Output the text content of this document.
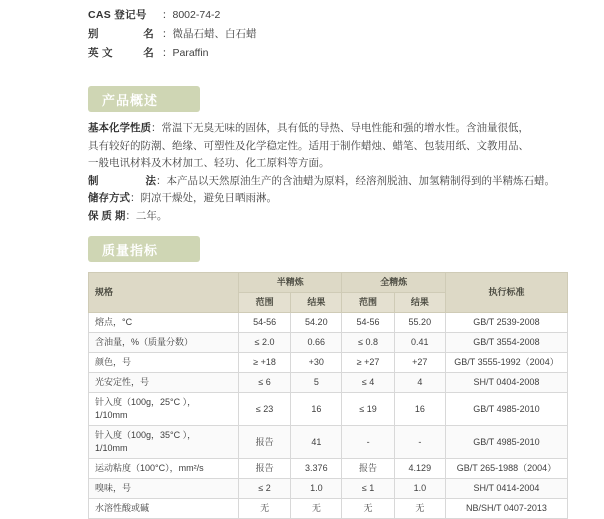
CAS 登记号	： 8002-74-2
别	名 ： 微晶石蜡、白石蜡
英 文	名 ： Paraffin
产品概述
基本化学性质 ： 常温下无臭无味的固体，具有低的导热、导电性能和强的增水性。含油量很低，
具有较好的防潮、绝缘、可塑性及化学稳定性。适用于制作蜡烛、蜡笔、包装用纸、文教用品、
一般电讯材料及木材加工、轻功、化工原料等方面。
制	法 ： 本产品以天然原油生产的含油蜡为原料，经溶剂脱油、加氢精制得到的半精炼石蜡。
储存方式 ： 阴凉干燥处，避免日晒雨淋。
保 质 期 ： 二年。
质量指标
规格	半精炼		全精炼		执行标准
	范围	结果	范围	结果	
熔点，°C	54-56	54.20	54-56	55.20	GB/T 2539-2008
含油量，%（质量分数）	≤ 2.0	0.66	≤ 0.8	0.41	GB/T 3554-2008
颜色，号	≥ +18	+30	≥ +27	+27	GB/T 3555-1992（2004）
光安定性，号	≤ 6	5	≤ 4	4	SH/T 0404-2008

针入度（100g，25°C ），
1/10mm	≤ 23	16	≤ 19	16	GB/T 4985-2010

针入度（100g，35°C ），
1/10mm	报告	41	-	-	GB/T 4985-2010
运动粘度（100°C），mm²/s	报告	3.376	报告	4.129	GB/T 265-1988（2004）
嗅味，号	≤ 2	1.0	≤ 1	1.0	SH/T 0414-2004
水溶性酸或碱	无	无	无	无	NB/SH/T 0407-2013
